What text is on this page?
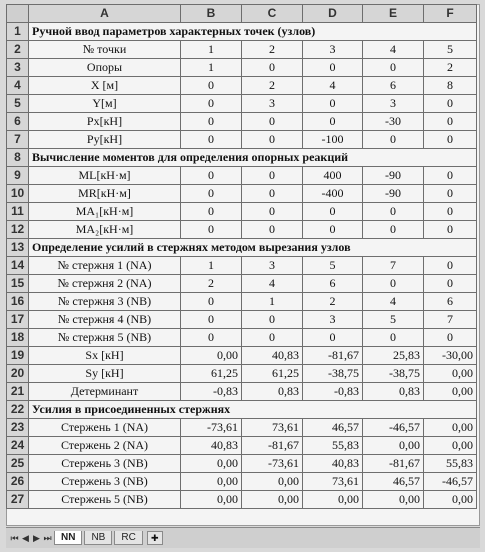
	A	B	C	D	E	F
1	Ручной ввод параметров характерных точек (узлов)					
2	№ точки	1	2	3	4	5
3	Опоры	1	0	0	0	2
4	X [м]	0	2	4	6	8
5	Y[м]	0	3	0	3	0
6	Px[кН]	0	0	0	-30	0
7	Py[кН]	0	0	-100	0	0
8	Вычисление моментов для определения опорных реакций					
9	ML[кН·м]	0	0	400	-90	0
10	MR[кН·м]	0	0	-400	-90	0
11	MA₁[кН·м]	0	0	0	0	0
12	MA₂[кН·м]	0	0	0	0	0
13	Определение усилий в стержнях методом вырезания узлов					
14	№ стержня 1 (NA)	1	3	5	7	0
15	№ стержня 2 (NA)	2	4	6	0	0
16	№ стержня 3 (NB)	0	1	2	4	6
17	№ стержня 4 (NB)	0	0	3	5	7
18	№ стержня 5 (NB)	0	0	0	0	0
19	Sx [кН]	0,00	40,83	-81,67	25,83	-30,00
20	Sy [кН]	61,25	61,25	-38,75	-38,75	0,00
21	Детерминант	-0,83	0,83	-0,83	0,83	0,00
22	Усилия в присоединенных стержнях					
23	Стержень 1 (NA)	-73,61	73,61	46,57	-46,57	0,00
24	Стержень 2 (NA)	40,83	-81,67	55,83	0,00	0,00
25	Стержень 3 (NB)	0,00	-73,61	40,83	-81,67	55,83
26	Стержень 3 (NB)	0,00	0,00	73,61	46,57	-46,57
27	Стержень 5 (NB)	0,00	0,00	0,00	0,00	0,00
⏮ ◀ ▶ ⏭ NN	NB	RC	✚
